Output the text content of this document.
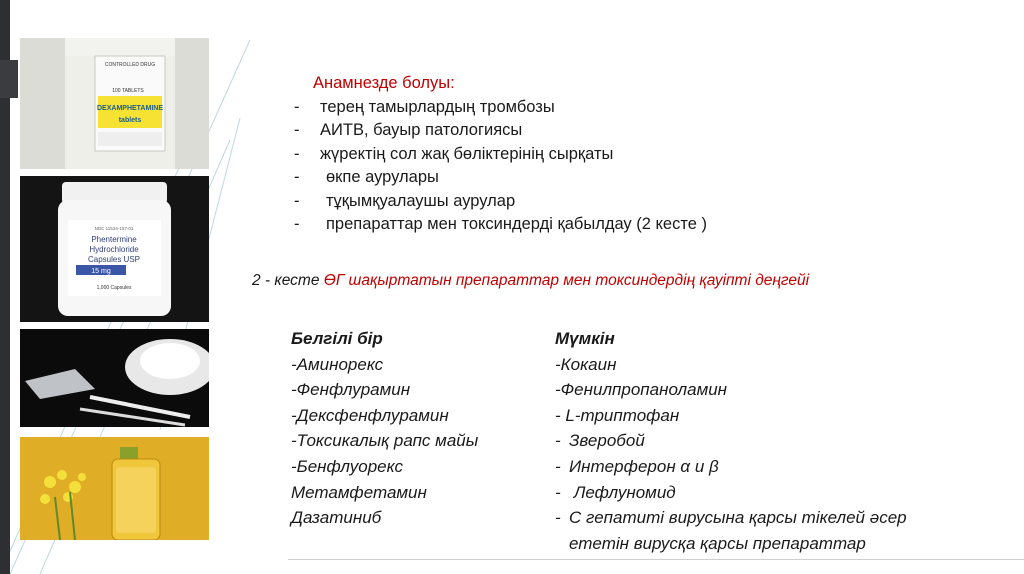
CONTROLLED DRUG
100 TABLETS
DEXAMPHETAMINE
tablets
NDC 11534-157-01
Phentermine
Hydrochloride
Capsules USP
15 mg
1,000 Capsules
Анамнезде болуы:
-	терең тамырлардың тромбозы
-	АИТВ, бауыр патологиясы
-	жүректің сол жақ бөліктерінің сырқаты
-	өкпе аурулары
-	тұқымқуалаушы аурулар
-	препараттар мен токсиндерді қабылдау (2 кесте )
2 - кесте ӨГ шақыртатын препараттар мен токсиндердің қауіпті деңгейі
Белгілі бір
-Аминорекс
-Фенфлурамин
-Дексфенфлурамин
-Токсикалық рапс майы
-Бенфлуорекс
Метамфетамин
Дазатиниб
Мүмкін
-Кокаин
-Фенилпропаноламин
- L-триптофан
- Зверобой
- Интерферон α и β
- Лефлуномид
- С гепатиті вирусына қарсы тікелей әсер ететін вирусқа қарсы препараттар
